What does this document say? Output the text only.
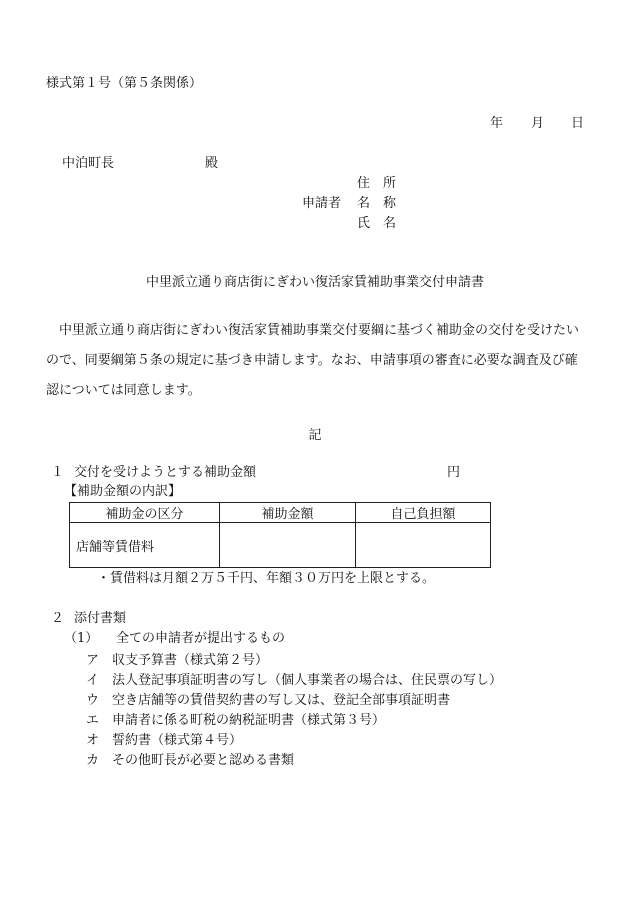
様式第１号（第５条関係）
年 月 日
中泊町長	殿
住　所
申請者 名　称
氏　名
中里派立通り商店街にぎわい復活家賃補助事業交付申請書
中里派立通り商店街にぎわい復活家賃補助事業交付要綱に基づく補助金の交付を受けたいので、同要綱第５条の規定に基づき申請します。なお、申請事項の審査に必要な調査及び確認については同意します。
記
１ 交付を受けようとする補助金額	円
【補助金額の内訳】
補助金の区分	補助金額	自己負担額
店舗等賃借料		
・賃借料は月額２万５千円、年額３０万円を上限とする。
２ 添付書類
（1） 全ての申請者が提出するもの
ア 収支予算書（様式第２号）
イ 法人登記事項証明書の写し（個人事業者の場合は、住民票の写し）
ウ 空き店舗等の賃借契約書の写し又は、登記全部事項証明書
エ 申請者に係る町税の納税証明書（様式第３号）
オ 誓約書（様式第４号）
カ その他町長が必要と認める書類
